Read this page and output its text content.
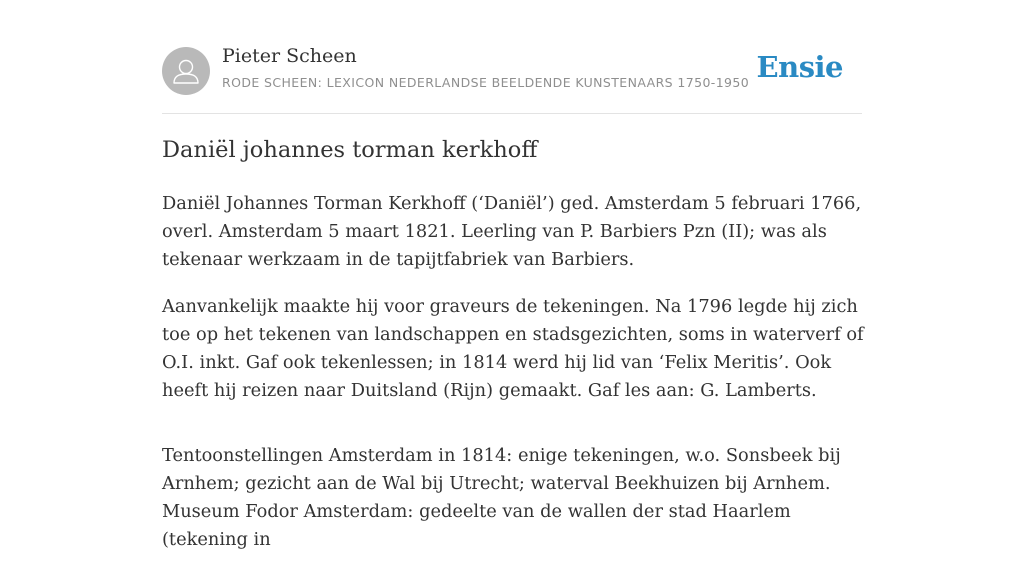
Pieter Scheen
RODE SCHEEN: LEXICON NEDERLANDSE BEELDENDE KUNSTENAARS 1750-1950 Ensie
Daniël johannes torman kerkhoff

Daniël Johannes Torman Kerkhoff (‘Daniël’) ged. Amsterdam 5 februari 1766, overl. Amsterdam 5 maart 1821. Leerling van P. Barbiers Pzn (II); was als tekenaar werkzaam in de tapijtfabriek van Barbiers.

Aanvankelijk maakte hij voor graveurs de tekeningen. Na 1796 legde hij zich toe op het tekenen van landschappen en stadsgezichten, soms in waterverf of O.I. inkt. Gaf ook tekenlessen; in 1814 werd hij lid van ‘Felix Meritis’. Ook heeft hij reizen naar Duitsland (Rijn) gemaakt. Gaf les aan: G. Lamberts.

Tentoonstellingen Amsterdam in 1814: enige tekeningen, w.o. Sonsbeek bij Arnhem; gezicht aan de Wal bij Utrecht; waterval Beekhuizen bij Arnhem. Museum Fodor Amsterdam: gedeelte van de wallen der stad Haarlem (tekening in
